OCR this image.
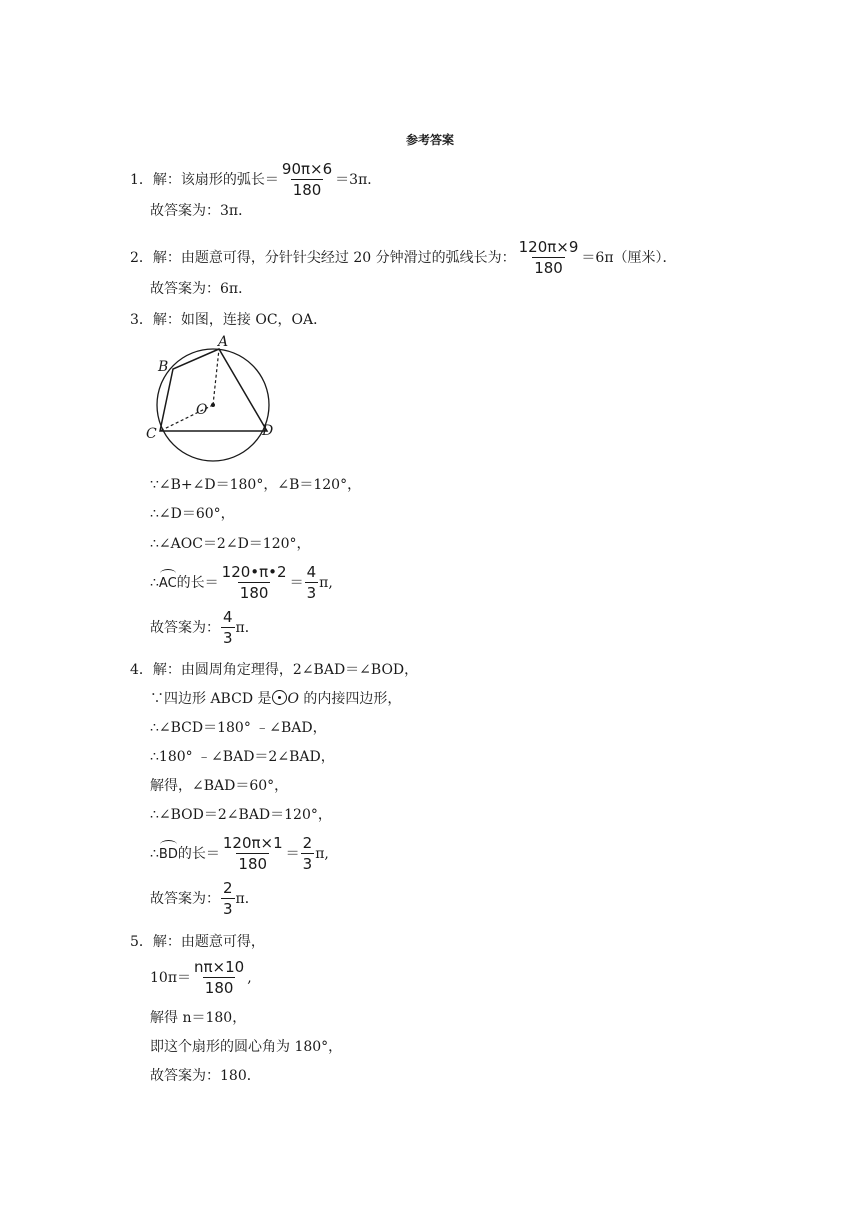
参考答案
1．解：该扇形的弧长＝ $\frac{90\pi\times 6}{180} =3\pi$．
故答案为：3π．
2．解：由题意可得，分针针尖经过 20 分钟滑过的弧线长为： $\frac{120\pi\times 9}{180} =6\pi$（厘米）．
故答案为：6π．
3．解：如图，连接 OC，OA．
A
B
O
C	D
∵∠B+∠D＝180°，∠B＝120°，
∴∠D＝60°，
∴∠AOC＝2∠D＝120°，
∴AC的长＝ $\frac{120•\pi•2}{180} = \frac{4}{3} \pi$,
故答案为： $\frac{4}{3}$ π．
4．解：由圆周角定理得，2∠BAD＝∠BOD，
∵四边形 ABCD 是 O 的内接四边形，
∴∠BCD＝180° ﹣∠BAD，
∴180° ﹣∠BAD＝2∠BAD，
解得，∠BAD＝60°，
∴∠BOD＝2∠BAD＝120°，
∴BD的长＝ $\frac{120\pi\times 1}{180} = \frac{2}{3} \pi$,
故答案为： $\frac{2}{3}$ π．
5．解：由题意可得，
$10\pi= \frac{n\pi\times 10}{180}$ ,
解得 n＝180，
即这个扇形的圆心角为 180°，
故答案为：180．
